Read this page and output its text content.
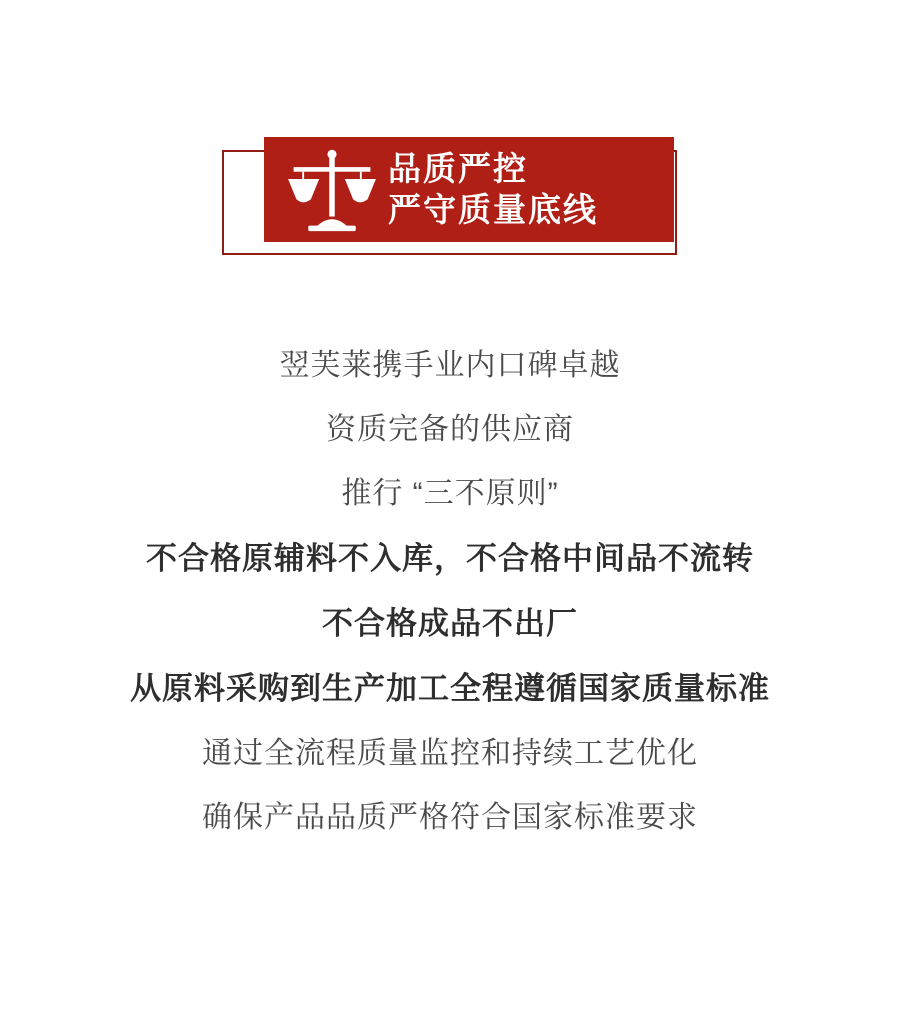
品质严控
严守质量底线

翌芙莱携手业内口碑卓越

资质完备的供应商

推行 “三不原则”

不合格原辅料不入库，不合格中间品不流转

不合格成品不出厂

从原料采购到生产加工全程遵循国家质量标准

通过全流程质量监控和持续工艺优化

确保产品品质严格符合国家标准要求
